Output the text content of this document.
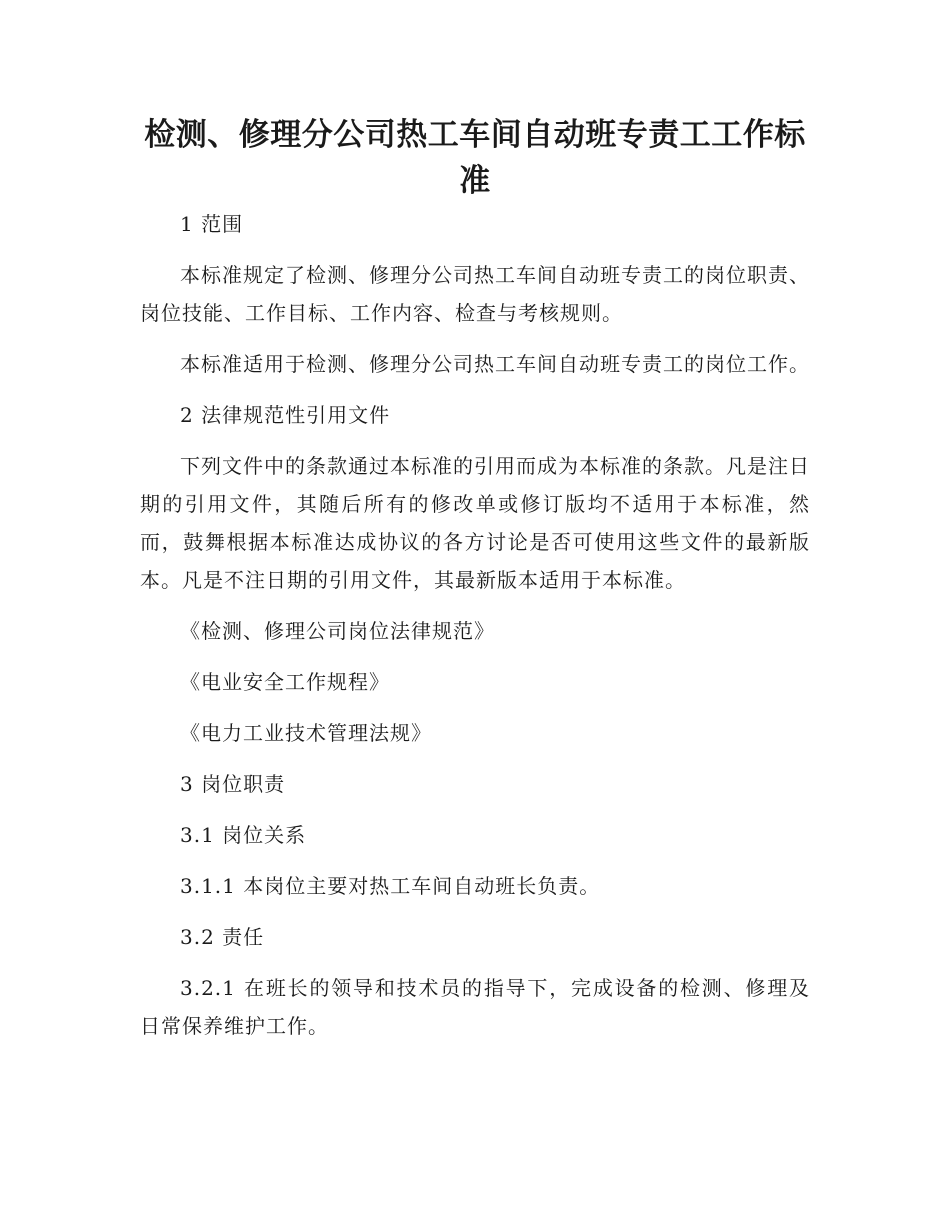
检测、修理分公司热工车间自动班专责工工作标准

1 范围

本标准规定了检测、修理分公司热工车间自动班专责工的岗位职责、岗位技能、工作目标、工作内容、检查与考核规则。

本标准适用于检测、修理分公司热工车间自动班专责工的岗位工作。

2 法律规范性引用文件

下列文件中的条款通过本标准的引用而成为本标准的条款。凡是注日期的引用文件，其随后所有的修改单或修订版均不适用于本标准，然而，鼓舞根据本标准达成协议的各方讨论是否可使用这些文件的最新版本。凡是不注日期的引用文件，其最新版本适用于本标准。

《检测、修理公司岗位法律规范》

《电业安全工作规程》

《电力工业技术管理法规》

3 岗位职责

3.1 岗位关系

3.1.1 本岗位主要对热工车间自动班长负责。

3.2 责任

3.2.1 在班长的领导和技术员的指导下，完成设备的检测、修理及日常保养维护工作。
